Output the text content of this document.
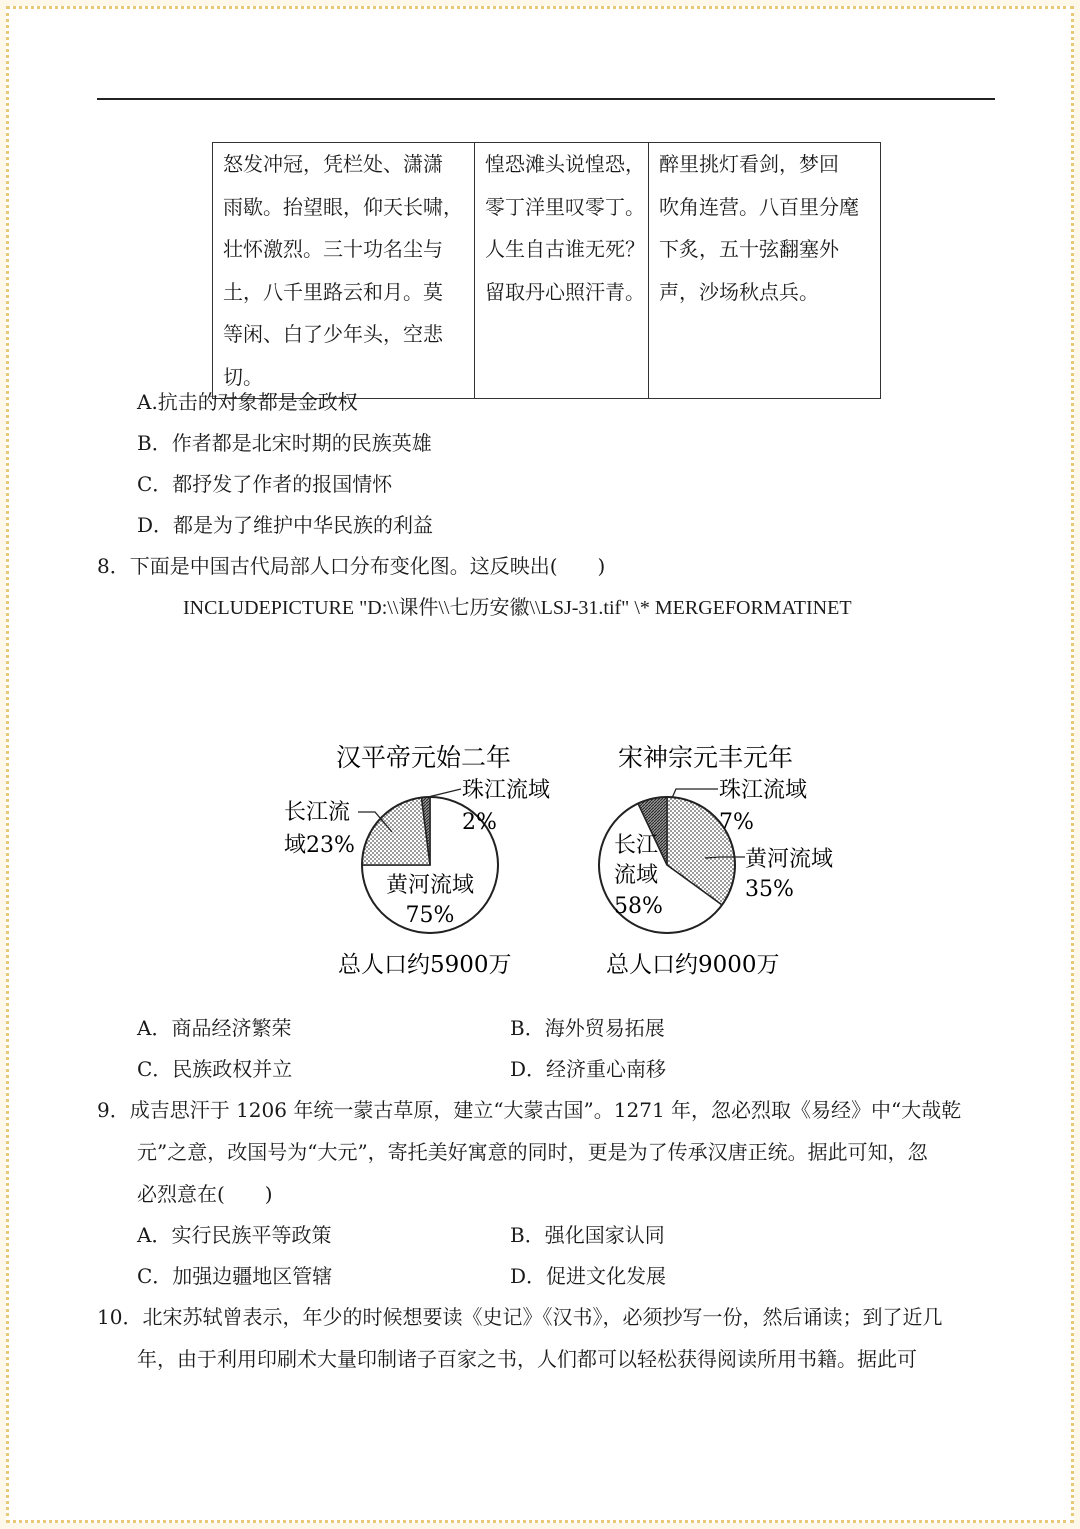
怒发冲冠，凭栏处、潇潇
雨歇。抬望眼，仰天长啸，
壮怀激烈。三十功名尘与
土，八千里路云和月。莫
等闲、白了少年头，空悲
切。

惶恐滩头说惶恐，
零丁洋里叹零丁。
人生自古谁无死？
留取丹心照汗青。

醉里挑灯看剑，梦回
吹角连营。八百里分麾
下炙，五十弦翻塞外
声，沙场秋点兵。
A.抗击的对象都是金政权
B．作者都是北宋时期的民族英雄
C．都抒发了作者的报国情怀
D．都是为了维护中华民族的利益
8．下面是中国古代局部人口分布变化图。这反映出(　　)
INCLUDEPICTURE "D:\\课件\\七历安徽\\LSJ-31.tif" \* MERGEFORMATINET
汉平帝元始二年
总人口约5900万
黄河流域
75%
长江流
域23%
珠江流域
2%
宋神宗元丰元年
总人口约9000万
黄河流域
35%
长江
流域
58%
珠江流域
7%
A．商品经济繁荣	B．海外贸易拓展
C．民族政权并立	D．经济重心南移
9．成吉思汗于 1206 年统一蒙古草原，建立“大蒙古国”。1271 年，忽必烈取《易经》中“大哉乾
元”之意，改国号为“大元”，寄托美好寓意的同时，更是为了传承汉唐正统。据此可知，忽
必烈意在(　　)
A．实行民族平等政策	B．强化国家认同
C．加强边疆地区管辖	D．促进文化发展
10．北宋苏轼曾表示，年少的时候想要读《史记》《汉书》，必须抄写一份，然后诵读；到了近几
年，由于利用印刷术大量印制诸子百家之书，人们都可以轻松获得阅读所用书籍。据此可
